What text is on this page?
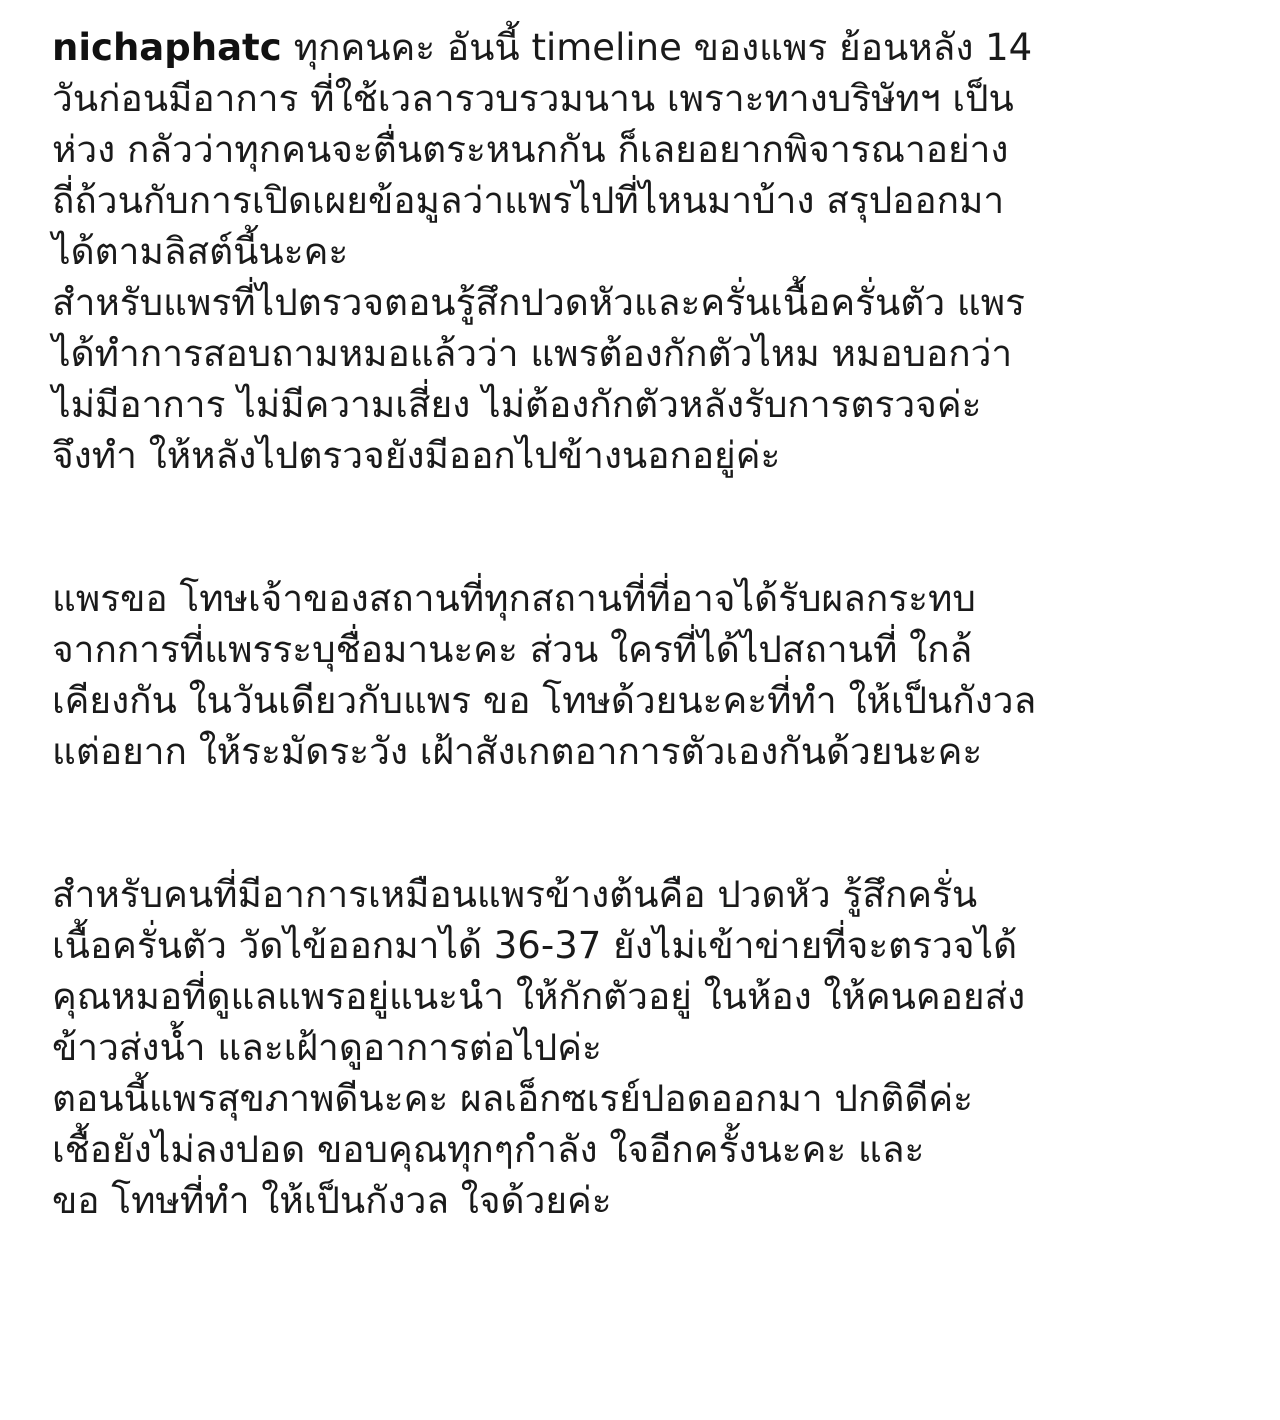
nichaphatc ทุกคนคะ อันนี้ timeline ของแพร ย้อนหลัง 14
วันก่อนมีอาการ ที่ใช้เวลารวบรวมนาน เพราะทางบริษัทฯ เป็น
ห่วง กลัวว่าทุกคนจะตื่นตระหนกกัน ก็เลยอยากพิจารณาอย่าง
ถี่ถ้วนกับการเปิดเผยข้อมูลว่าแพรไปที่ไหนมาบ้าง สรุปออกมา
ได้ตามลิสต์นี้นะคะ
สำหรับแพรที่ไปตรวจตอนรู้สึกปวดหัวและครั่นเนื้อครั่นตัว แพร
ได้ทำการสอบถามหมอแล้วว่า แพรต้องกักตัวไหม หมอบอกว่า
ไม่มีอาการ ไม่มีความเสี่ยง ไม่ต้องกักตัวหลังรับการตรวจค่ะ
จึงทำ ให้หลังไปตรวจยังมีออกไปข้างนอกอยู่ค่ะ
แพรขอ โทษเจ้าของสถานที่ทุกสถานที่ที่อาจได้รับผลกระทบ
จากการที่แพรระบุชื่อมานะคะ ส่วน ใครที่ได้ไปสถานที่ ใกล้
เคียงกัน ในวันเดียวกับแพร ขอ โทษด้วยนะคะที่ทำ ให้เป็นกังวล
แต่อยาก ให้ระมัดระวัง เฝ้าสังเกตอาการตัวเองกันด้วยนะคะ
สำหรับคนที่มีอาการเหมือนแพรข้างต้นคือ ปวดหัว รู้สึกครั่น
เนื้อครั่นตัว วัดไข้ออกมาได้ 36-37 ยังไม่เข้าข่ายที่จะตรวจได้
คุณหมอที่ดูแลแพรอยู่แนะนำ ให้กักตัวอยู่ ในห้อง ให้คนคอยส่ง
ข้าวส่งน้ำ และเฝ้าดูอาการต่อไปค่ะ
ตอนนี้แพรสุขภาพดีนะคะ ผลเอ็กซเรย์ปอดออกมา ปกติดีค่ะ
เชื้อยังไม่ลงปอด ขอบคุณทุกๆกำลัง ใจอีกครั้งนะคะ และ
ขอ โทษที่ทำ ให้เป็นกังวล ใจด้วยค่ะ
